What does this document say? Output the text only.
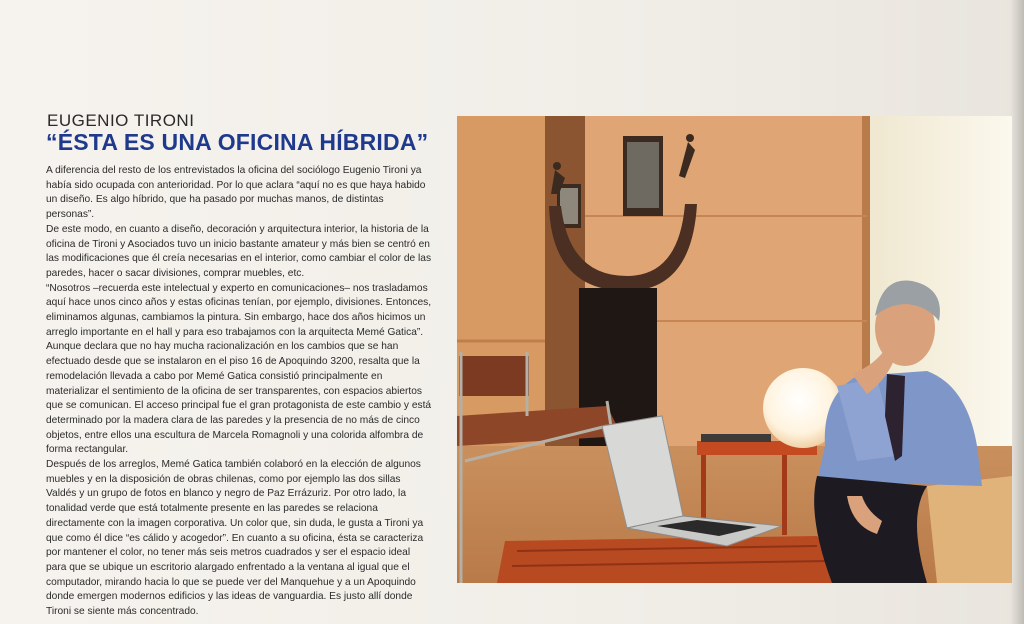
EUGENIO TIRONI
“ÉSTA ES UNA OFICINA HÍBRIDA”

A diferencia del resto de los entrevistados la oficina del sociólogo Eugenio Tironi ya había sido ocupada con anterioridad. Por lo que aclara “aquí no es que haya habido un diseño. Es algo híbrido, que ha pasado por muchas manos, de distintas personas”.

De este modo, en cuanto a diseño, decoración y arquitectura interior, la historia de la oficina de Tironi y Asociados tuvo un inicio bastante amateur y más bien se centró en las modificaciones que él creía necesarias en el interior, como cambiar el color de las paredes, hacer o sacar divisiones, comprar muebles, etc.

“Nosotros –recuerda este intelectual y experto en comunicaciones– nos trasladamos aquí hace unos cinco años y estas oficinas tenían, por ejemplo, divisiones. Entonces, eliminamos algunas, cambiamos la pintura. Sin embargo, hace dos años hicimos un arreglo importante en el hall y para eso trabajamos con la arquitecta Memé Gatica”.

Aunque declara que no hay mucha racionalización en los cambios que se han efectuado desde que se instalaron en el piso 16 de Apoquindo 3200, resalta que la remodelación llevada a cabo por Memé Gatica consistió principalmente en materializar el sentimiento de la oficina de ser transparentes, con espacios abiertos que se comunican. El acceso principal fue el gran protagonista de este cambio y está determinado por la madera clara de las paredes y la presencia de no más de cinco objetos, entre ellos una escultura de Marcela Romagnoli y una colorida alfombra de forma rectangular.

Después de los arreglos, Memé Gatica también colaboró en la elección de algunos muebles y en la disposición de obras chilenas, como por ejemplo las dos sillas Valdés y un grupo de fotos en blanco y negro de Paz Errázuriz. Por otro lado, la tonalidad verde que está totalmente presente en las paredes se relaciona directamente con la imagen corporativa. Un color que, sin duda, le gusta a Tironi ya que como él dice “es cálido y acogedor”. En cuanto a su oficina, ésta se caracteriza por mantener el color, no tener más seis metros cuadrados y ser el espacio ideal para que se ubique un escritorio alargado enfrentado a la ventana al igual que el computador, mirando hacia lo que se puede ver del Manquehue y a un Apoquindo donde emergen modernos edificios y las ideas de vanguardia. Es justo allí donde Tironi se siente más concentrado.
